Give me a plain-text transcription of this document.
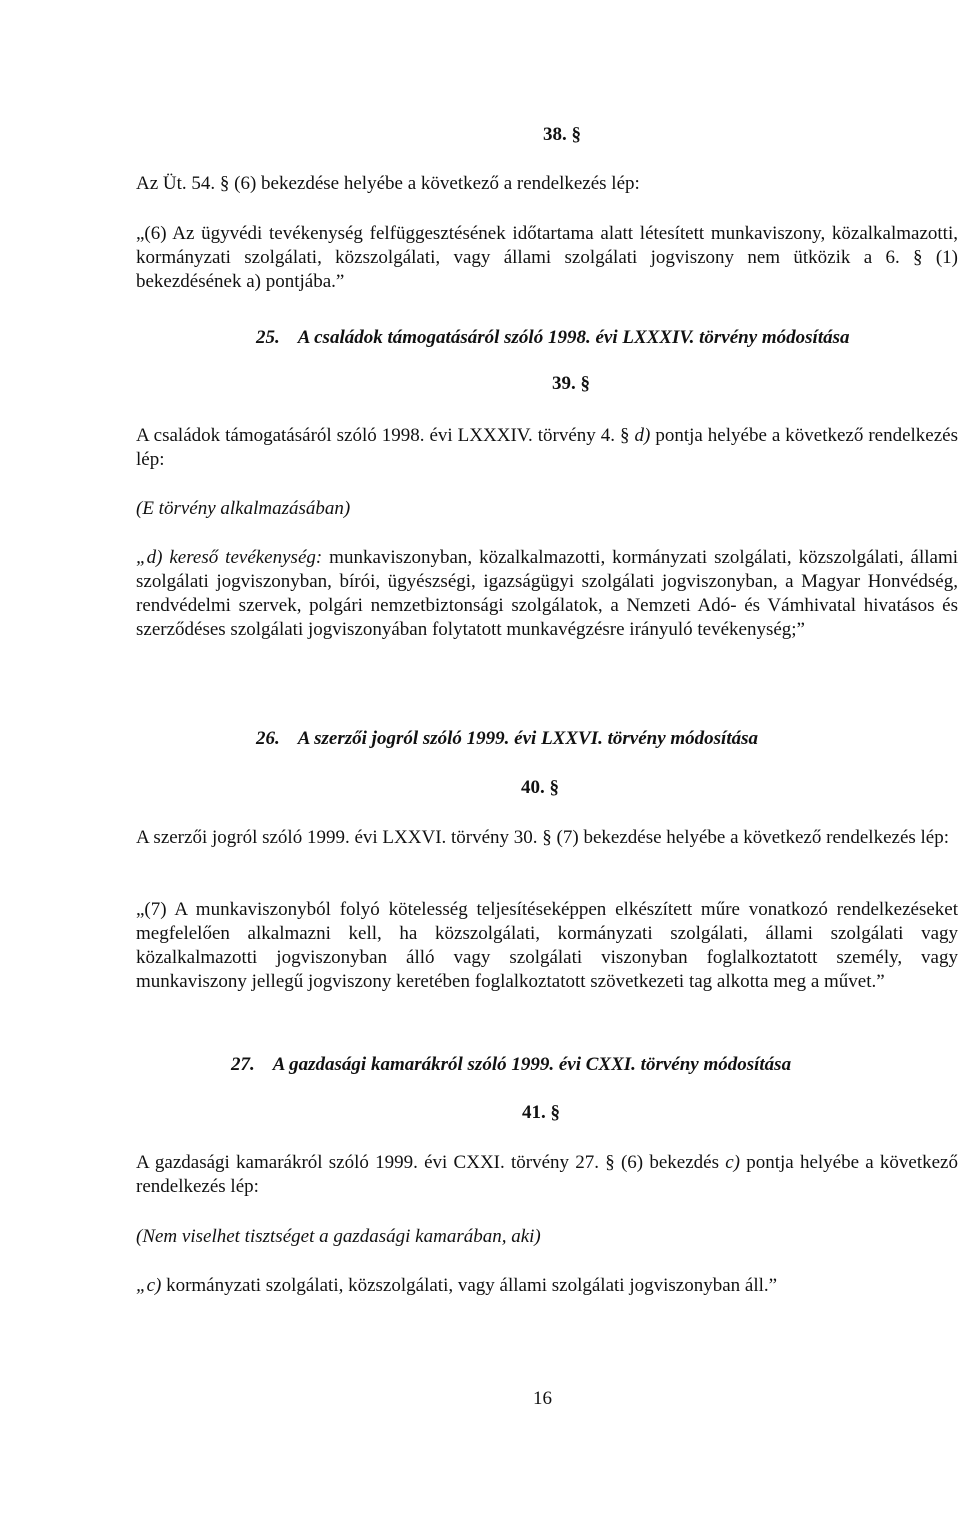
38. §
Az Üt. 54. § (6) bekezdése helyébe a következő a rendelkezés lép:
„(6) Az ügyvédi tevékenység felfüggesztésének időtartama alatt létesített munkaviszony, közalkalmazotti, kormányzati szolgálati, közszolgálati, vagy állami szolgálati jogviszony nem ütközik a 6. § (1) bekezdésének a) pontjába.”
25. A családok támogatásáról szóló 1998. évi LXXXIV. törvény módosítása
39. §
A családok támogatásáról szóló 1998. évi LXXXIV. törvény 4. § d) pontja helyébe a következő rendelkezés lép:
(E törvény alkalmazásában)
„d) kereső tevékenység: munkaviszonyban, közalkalmazotti, kormányzati szolgálati, közszolgálati, állami szolgálati jogviszonyban, bírói, ügyészségi, igazságügyi szolgálati jogviszonyban, a Magyar Honvédség, rendvédelmi szervek, polgári nemzetbiztonsági szolgálatok, a Nemzeti Adó- és Vámhivatal hivatásos és szerződéses szolgálati jogviszonyában folytatott munkavégzésre irányuló tevékenység;”
26. A szerzői jogról szóló 1999. évi LXXVI. törvény módosítása
40. §
A szerzői jogról szóló 1999. évi LXXVI. törvény 30. § (7) bekezdése helyébe a következő rendelkezés lép:
„(7) A munkaviszonyból folyó kötelesség teljesítéseképpen elkészített műre vonatkozó rendelkezéseket megfelelően alkalmazni kell, ha közszolgálati, kormányzati szolgálati, állami szolgálati vagy közalkalmazotti jogviszonyban álló vagy szolgálati viszonyban foglalkoztatott személy, vagy munkaviszony jellegű jogviszony keretében foglalkoztatott szövetkezeti tag alkotta meg a művet.”
27. A gazdasági kamarákról szóló 1999. évi CXXI. törvény módosítása
41. §
A gazdasági kamarákról szóló 1999. évi CXXI. törvény 27. § (6) bekezdés c) pontja helyébe a következő rendelkezés lép:
(Nem viselhet tisztséget a gazdasági kamarában, aki)
„c) kormányzati szolgálati, közszolgálati, vagy állami szolgálati jogviszonyban áll.”
16
